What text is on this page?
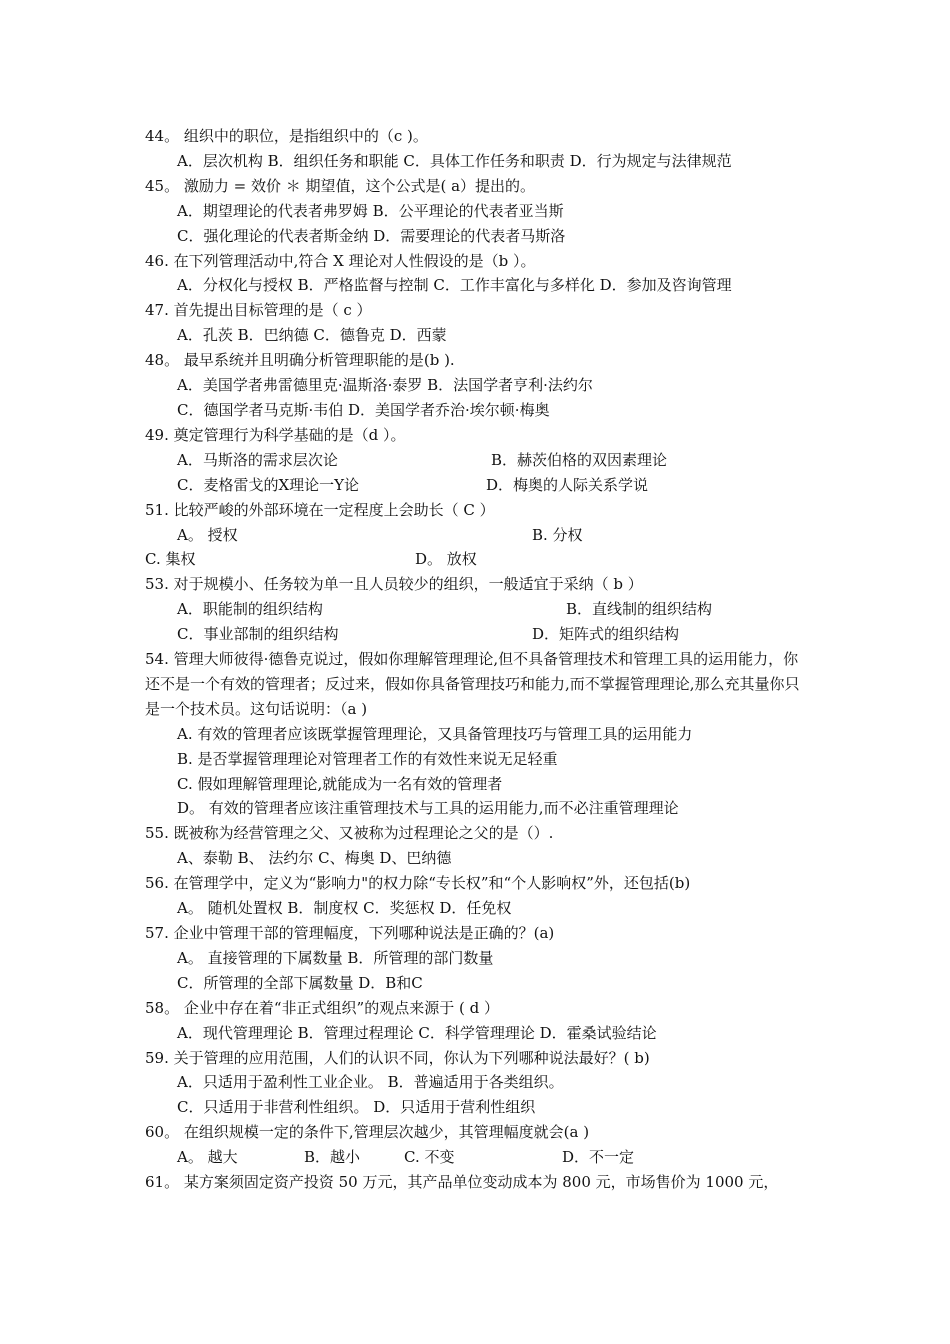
44。 组织中的职位，是指组织中的（c )。
A．层次机构 B．组织任务和职能 C．具体工作任务和职责 D．行为规定与法律规范
45。 激励力 = 效价 ＊ 期望值，这个公式是( a）提出的。
A．期望理论的代表者弗罗姆 B．公平理论的代表者亚当斯
C．强化理论的代表者斯金纳 D．需要理论的代表者马斯洛
46. 在下列管理活动中,符合 X 理论对人性假设的是（b ）。
A．分权化与授权 B．严格监督与控制 C．工作丰富化与多样化 D．参加及咨询管理
47. 首先提出目标管理的是（ c ）
A．孔茨 B．巴纳德 C．德鲁克 D．西蒙
48。 最早系统并且明确分析管理职能的是(b ).
A．美国学者弗雷德里克·温斯洛·泰罗 B．法国学者亨利·法约尔
C．德国学者马克斯·韦伯 D．美国学者乔治·埃尔顿·梅奥
49. 奠定管理行为科学基础的是（d ）。
A．马斯洛的需求层次论	B．赫茨伯格的双因素理论
C．麦格雷戈的Ⅹ理论一Y论	D．梅奥的人际关系学说
51. 比较严峻的外部环境在一定程度上会助长（ C ）
A。 授权	B. 分权
C. 集权	D。 放权
53. 对于规模小、任务较为单一且人员较少的组织，一般适宜于采纳（ b ）
A．职能制的组织结构	B．直线制的组织结构
C．事业部制的组织结构	D．矩阵式的组织结构
54. 管理大师彼得·德鲁克说过，假如你理解管理理论,但不具备管理技术和管理工具的运用能力，你还不是一个有效的管理者；反过来，假如你具备管理技巧和能力,而不掌握管理理论,那么充其量你只是一个技术员。这句话说明：（a )
A. 有效的管理者应该既掌握管理理论，又具备管理技巧与管理工具的运用能力
B. 是否掌握管理理论对管理者工作的有效性来说无足轻重
C. 假如理解管理理论,就能成为一名有效的管理者
D。 有效的管理者应该注重管理技术与工具的运用能力,而不必注重管理理论
55. 既被称为经营管理之父、又被称为过程理论之父的是（）.
A、泰勒 B、 法约尔 C、梅奥 D、巴纳德
56. 在管理学中，定义为“影响力"的权力除“专长权”和“个人影响权”外，还包括(b)
A。 随机处置权 B．制度权 C．奖惩权 D．任免权
57. 企业中管理干部的管理幅度，下列哪种说法是正确的？(a)
A。 直接管理的下属数量 B．所管理的部门数量
C．所管理的全部下属数量 D．B和C
58。 企业中存在着“非正式组织”的观点来源于 ( d ）
A．现代管理理论 B．管理过程理论 C．科学管理理论 D．霍桑试验结论
59. 关于管理的应用范围，人们的认识不同，你认为下列哪种说法最好？( b)
A．只适用于盈利性工业企业。 B．普遍适用于各类组织。
C．只适用于非营利性组织。 D．只适用于营利性组织
60。 在组织规模一定的条件下,管理层次越少，其管理幅度就会(a )
A。 越大	B．越小	C. 不变	D．不一定
61。 某方案须固定资产投资 50 万元，其产品单位变动成本为 800 元，市场售价为 1000 元，
